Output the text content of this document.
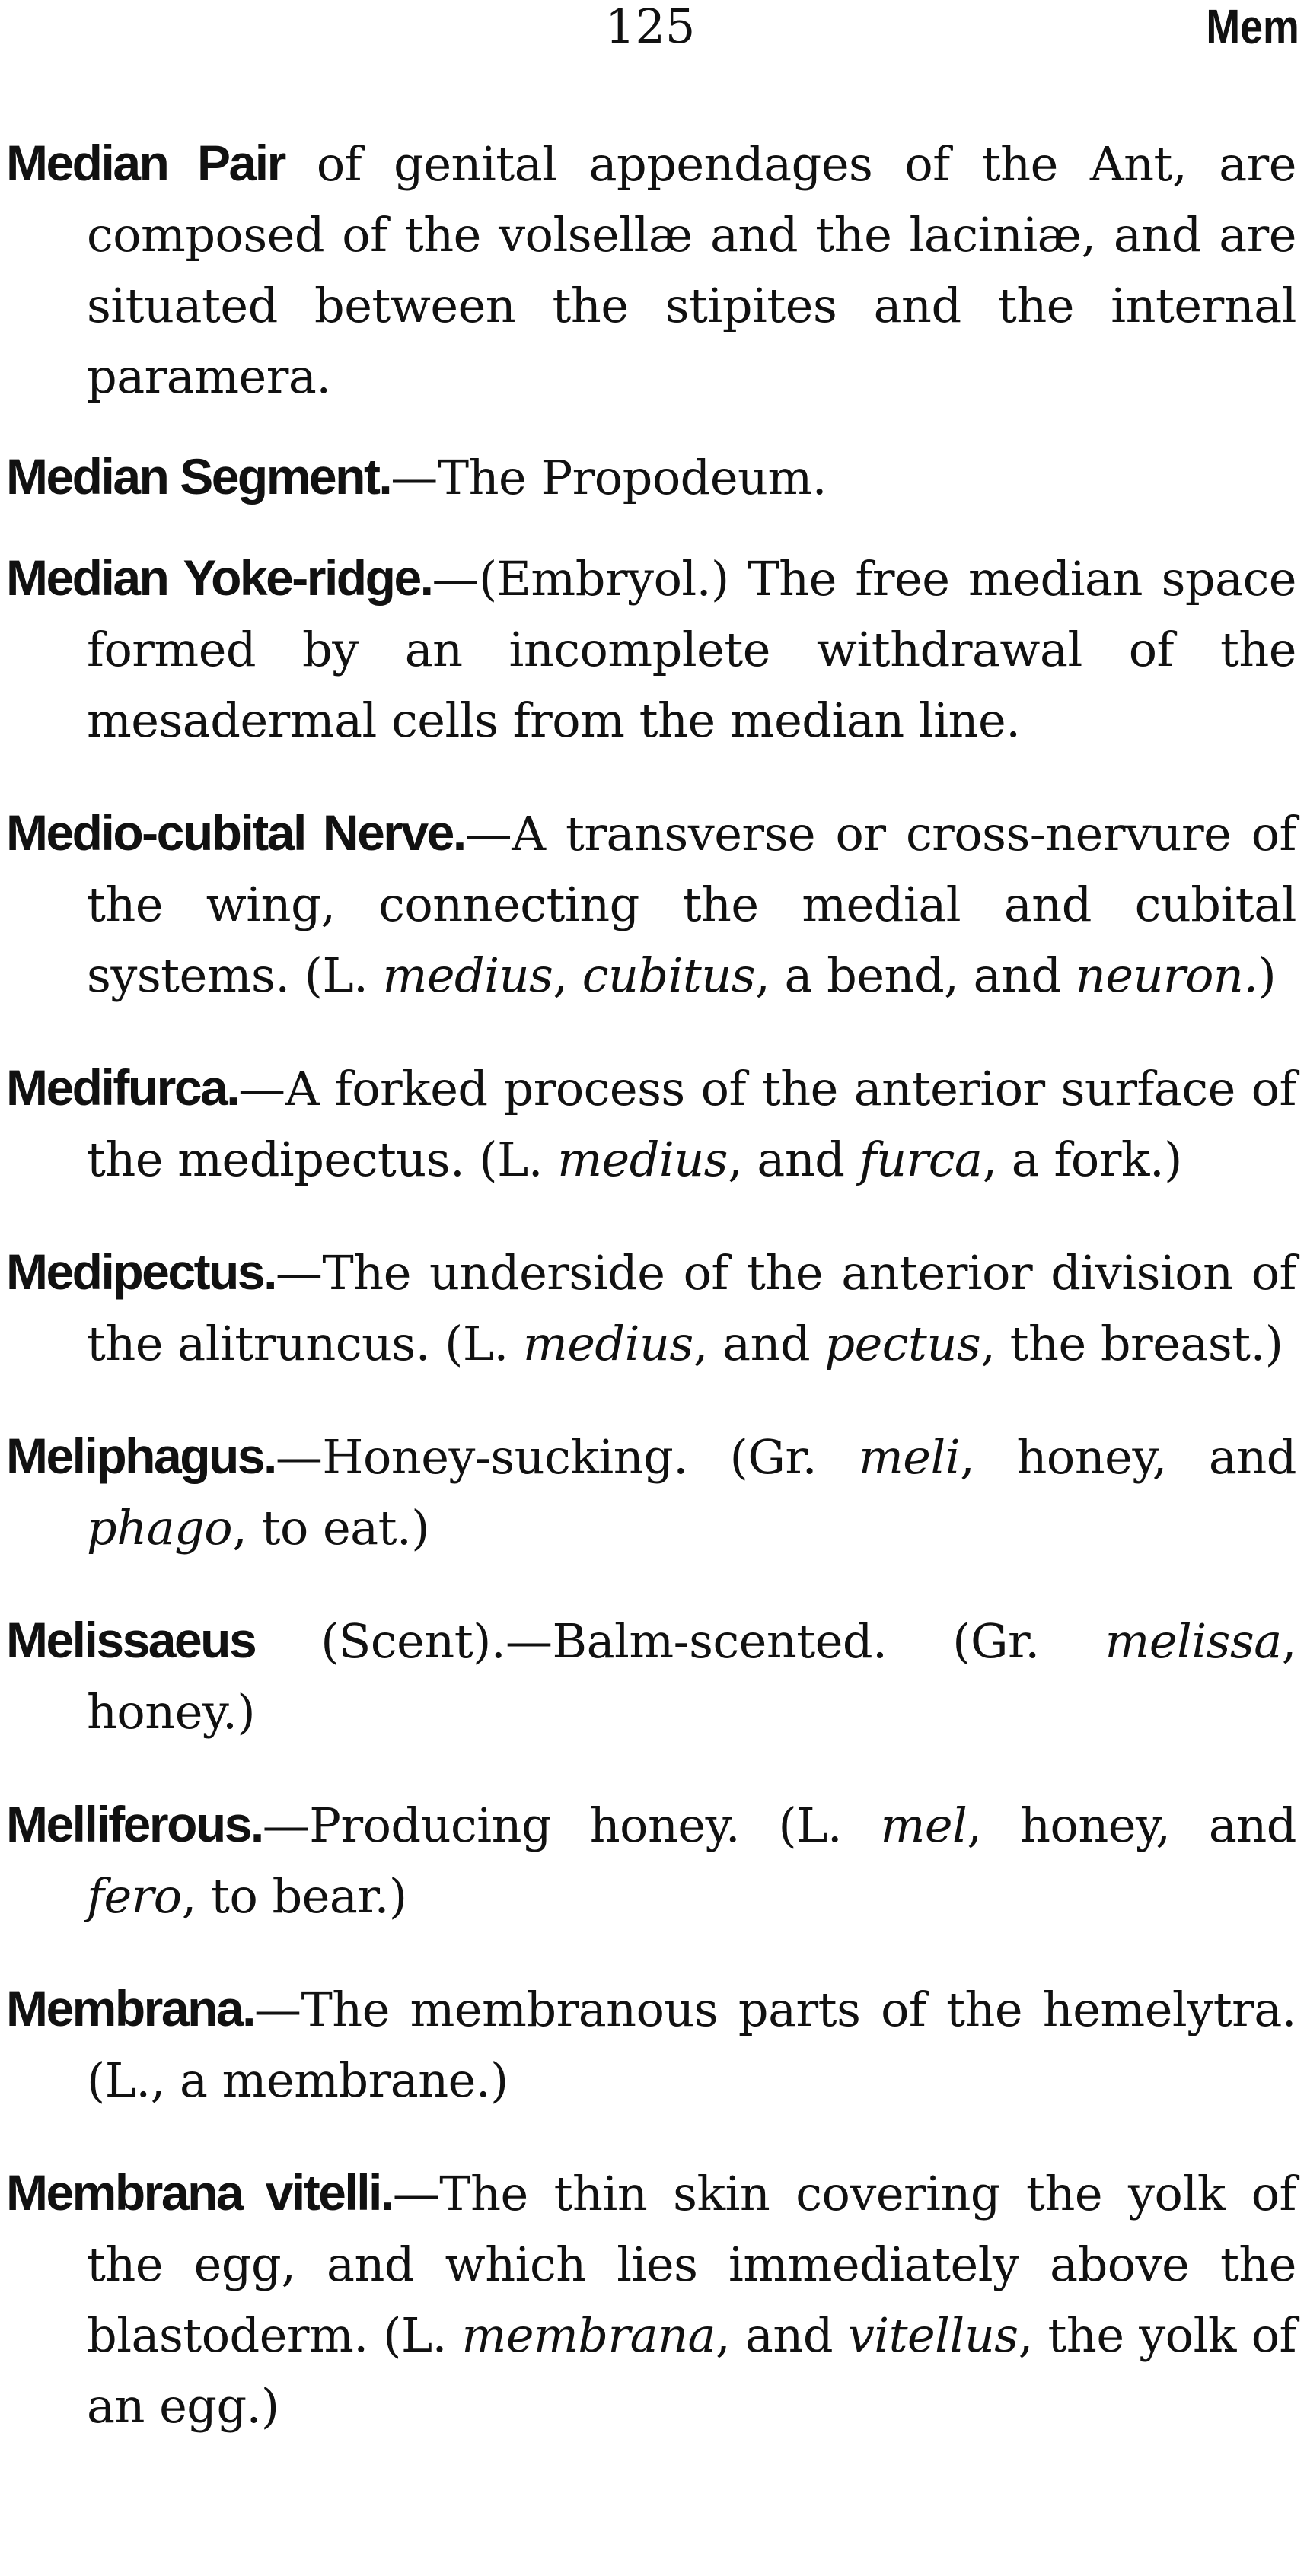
125	Mem

Median Pair of genital appendages of the Ant, are composed of the volsellæ and the laciniæ, and are situated between the stipites and the internal paramera.

Median Segment.—The Propodeum.

Median Yoke-ridge.—(Embryol.) The free median space formed by an incomplete withdrawal of the mesadermal cells from the median line.

Medio-cubital Nerve.—A transverse or cross-nervure of the wing, connecting the medial and cubital systems. (L. medius, cubitus, a bend, and neuron.)

Medifurca.—A forked process of the anterior surface of the medipectus. (L. medius, and furca, a fork.)

Medipectus.—The underside of the anterior division of the alitruncus. (L. medius, and pectus, the breast.)

Meliphagus.—Honey-sucking. (Gr. meli, honey, and phago, to eat.)

Melissaeus (Scent).—Balm-scented. (Gr. melissa, honey.)

Melliferous.—Producing honey. (L. mel, honey, and fero, to bear.)

Membrana.—The membranous parts of the hemelytra. (L., a membrane.)

Membrana vitelli.—The thin skin covering the yolk of the egg, and which lies immediately above the blastoderm. (L. membrana, and vitellus, the yolk of an egg.)
